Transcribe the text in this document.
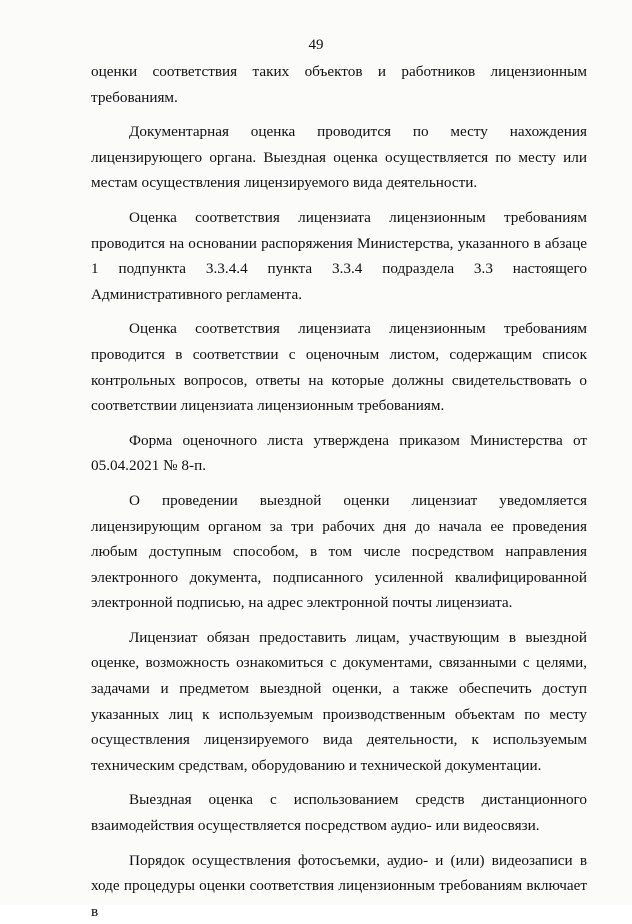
49

оценки соответствия таких объектов и работников лицензионным требованиям.

Документарная оценка проводится по месту нахождения лицензирующего органа. Выездная оценка осуществляется по месту или местам осуществления лицензируемого вида деятельности.

Оценка соответствия лицензиата лицензионным требованиям проводится на основании распоряжения Министерства, указанного в абзаце 1 подпункта 3.3.4.4 пункта 3.3.4 подраздела 3.3 настоящего Административного регламента.

Оценка соответствия лицензиата лицензионным требованиям проводится в соответствии с оценочным листом, содержащим список контрольных вопросов, ответы на которые должны свидетельствовать о соответствии лицензиата лицензионным требованиям.

Форма оценочного листа утверждена приказом Министерства от 05.04.2021 № 8-п.

О проведении выездной оценки лицензиат уведомляется лицензирующим органом за три рабочих дня до начала ее проведения любым доступным способом, в том числе посредством направления электронного документа, подписанного усиленной квалифицированной электронной подписью, на адрес электронной почты лицензиата.

Лицензиат обязан предоставить лицам, участвующим в выездной оценке, возможность ознакомиться с документами, связанными с целями, задачами и предметом выездной оценки, а также обеспечить доступ указанных лиц к используемым производственным объектам по месту осуществления лицензируемого вида деятельности, к используемым техническим средствам, оборудованию и технической документации.

Выездная оценка с использованием средств дистанционного взаимодействия осуществляется посредством аудио- или видеосвязи.

Порядок осуществления фотосъемки, аудио- и (или) видеозаписи в ходе процедуры оценки соответствия лицензионным требованиям включает в
